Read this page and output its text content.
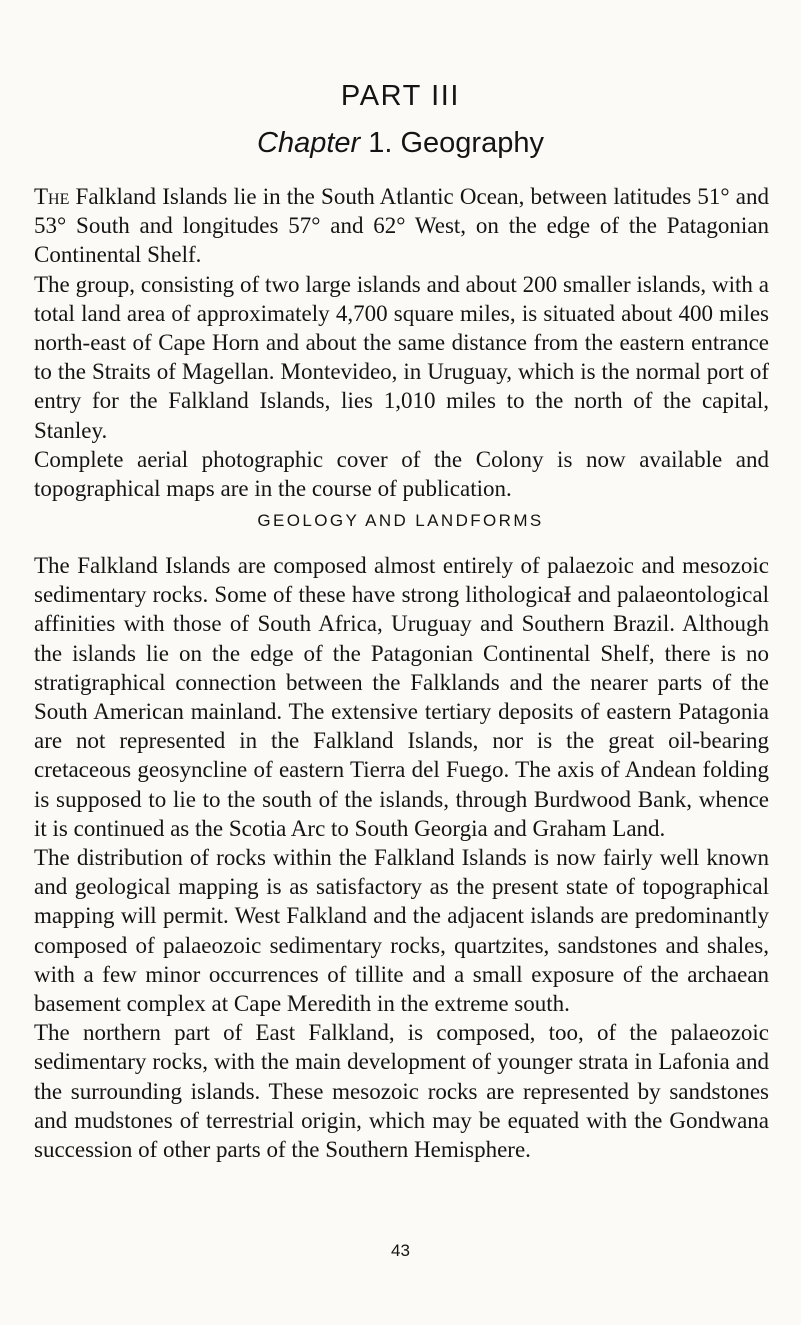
PART III
Chapter 1. Geography

The Falkland Islands lie in the South Atlantic Ocean, between latitudes 51° and 53° South and longitudes 57° and 62° West, on the edge of the Patagonian Continental Shelf.

The group, consisting of two large islands and about 200 smaller islands, with a total land area of approximately 4,700 square miles, is situated about 400 miles north-east of Cape Horn and about the same distance from the eastern entrance to the Straits of Magellan. Montevideo, in Uruguay, which is the normal port of entry for the Falkland Islands, lies 1,010 miles to the north of the capital, Stanley.

Complete aerial photographic cover of the Colony is now available and topographical maps are in the course of publication.

GEOLOGY AND LANDFORMS

The Falkland Islands are composed almost entirely of palaezoic and mesozoic sedimentary rocks. Some of these have strong lithologicaƗ and palaeontological affinities with those of South Africa, Uruguay and Southern Brazil. Although the islands lie on the edge of the Patagonian Continental Shelf, there is no stratigraphical connection between the Falklands and the nearer parts of the South American mainland. The extensive tertiary deposits of eastern Patagonia are not represented in the Falkland Islands, nor is the great oil-bearing cretaceous geosyncline of eastern Tierra del Fuego. The axis of Andean folding is supposed to lie to the south of the islands, through Burdwood Bank, whence it is continued as the Scotia Arc to South Georgia and Graham Land.

The distribution of rocks within the Falkland Islands is now fairly well known and geological mapping is as satisfactory as the present state of topographical mapping will permit. West Falkland and the adjacent islands are predominantly composed of palaeozoic sedimentary rocks, quartzites, sandstones and shales, with a few minor occurrences of tillite and a small exposure of the archaean basement complex at Cape Meredith in the extreme south.

The northern part of East Falkland, is composed, too, of the palaeozoic sedimentary rocks, with the main development of younger strata in Lafonia and the surrounding islands. These mesozoic rocks are represented by sandstones and mudstones of terrestrial origin, which may be equated with the Gondwana succession of other parts of the Southern Hemisphere.

43
